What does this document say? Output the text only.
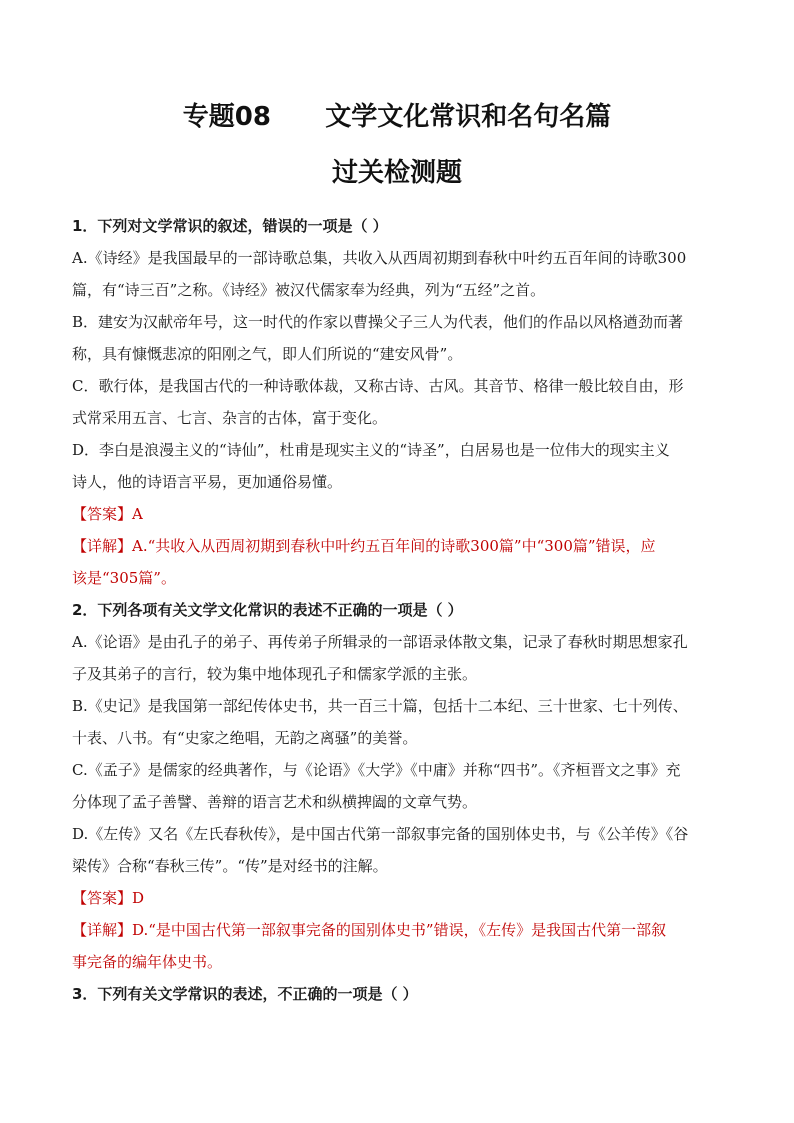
专题08      文学文化常识和名句名篇
过关检测题
1．下列对文学常识的叙述，错误的一项是（ ）
A.《诗经》是我国最早的一部诗歌总集，共收入从西周初期到春秋中叶约五百年间的诗歌300
篇，有“诗三百”之称。《诗经》被汉代儒家奉为经典，列为“五经”之首。
B．建安为汉献帝年号，这一时代的作家以曹操父子三人为代表，他们的作品以风格遒劲而著
称，具有慷慨悲凉的阳刚之气，即人们所说的“建安风骨”。
C．歌行体，是我国古代的一种诗歌体裁，又称古诗、古风。其音节、格律一般比较自由，形
式常采用五言、七言、杂言的古体，富于变化。
D．李白是浪漫主义的“诗仙”，杜甫是现实主义的“诗圣”，白居易也是一位伟大的现实主义
诗人，他的诗语言平易，更加通俗易懂。
【答案】A
【详解】A.“共收入从西周初期到春秋中叶约五百年间的诗歌300篇”中“300篇”错误，应
该是“305篇”。
2．下列各项有关文学文化常识的表述不正确的一项是（ ）
A.《论语》是由孔子的弟子、再传弟子所辑录的一部语录体散文集，记录了春秋时期思想家孔
子及其弟子的言行，较为集中地体现孔子和儒家学派的主张。
B.《史记》是我国第一部纪传体史书，共一百三十篇，包括十二本纪、三十世家、七十列传、
十表、八书。有“史家之绝唱，无韵之离骚”的美誉。
C.《孟子》是儒家的经典著作，与《论语》《大学》《中庸》并称“四书”。《齐桓晋文之事》充
分体现了孟子善譬、善辩的语言艺术和纵横捭阖的文章气势。
D.《左传》又名《左氏春秋传》，是中国古代第一部叙事完备的国别体史书，与《公羊传》《谷
梁传》合称“春秋三传”。“传”是对经书的注解。
【答案】D
【详解】D.“是中国古代第一部叙事完备的国别体史书”错误，《左传》是我国古代第一部叙
事完备的编年体史书。
3．下列有关文学常识的表述，不正确的一项是（ ）
